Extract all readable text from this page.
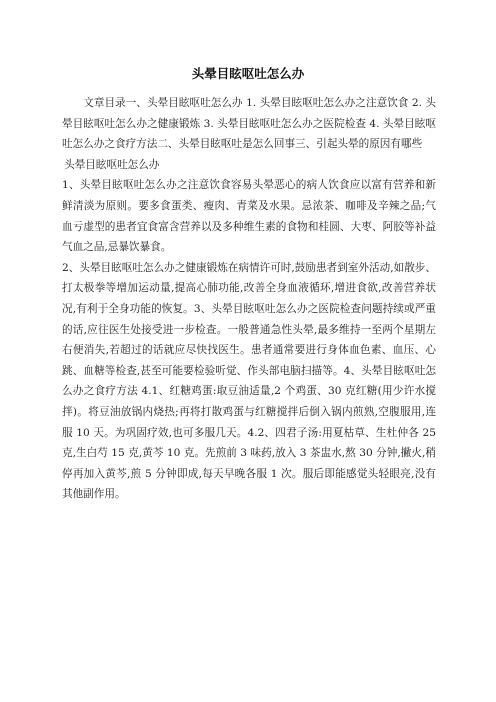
头晕目眩呕吐怎么办

文章目录一、头晕目眩呕吐怎么办 1. 头晕目眩呕吐怎么办之注意饮食 2. 头晕目眩呕吐怎么办之健康锻炼 3. 头晕目眩呕吐怎么办之医院检查 4. 头晕目眩呕吐怎么办之食疗方法二、头晕目眩呕吐是怎么回事三、引起头晕的原因有哪些

头晕目眩呕吐怎么办

1、头晕目眩呕吐怎么办之注意饮食容易头晕恶心的病人饮食应以富有营养和新鲜清淡为原则。要多食蛋类、瘦肉、青菜及水果。忌浓茶、咖啡及辛辣之品;气血亏虚型的患者宜食富含营养以及多种维生素的食物和桂圆、大枣、阿胶等补益气血之品,忌暴饮暴食。

2、头晕目眩呕吐怎么办之健康锻炼在病情许可时,鼓励患者到室外活动,如散步、打太极拳等增加运动量,提高心肺功能,改善全身血液循环,增进食欲,改善营养状况,有利于全身功能的恢复。3、头晕目眩呕吐怎么办之医院检查问题持续或严重的话,应往医生处接受进一步检查。一般普通急性头晕,最多维持一至两个星期左右便消失,若超过的话就应尽快找医生。患者通常要进行身体血色素、血压、心跳、血糖等检查,甚至可能要检验听觉、作头部电脑扫描等。4、头晕目眩呕吐怎么办之食疗方法 4.1、红糖鸡蛋:取豆油适量,2 个鸡蛋、30 克红糖(用少许水搅拌)。将豆油放锅内烧热;再将打散鸡蛋与红糖搅拌后倒入锅内煎熟,空腹服用,连服 10 天。为巩固疗效,也可多服几天。4.2、四君子汤:用夏枯草、生杜仲各 25 克,生白芍 15 克,黄芩 10 克。先煎前 3 味药,放入 3 茶盅水,熬 30 分钟,撇火,稍停再加入黄芩,煎 5 分钟即成,每天早晚各服 1 次。服后即能感觉头轻眼亮,没有其他副作用。
